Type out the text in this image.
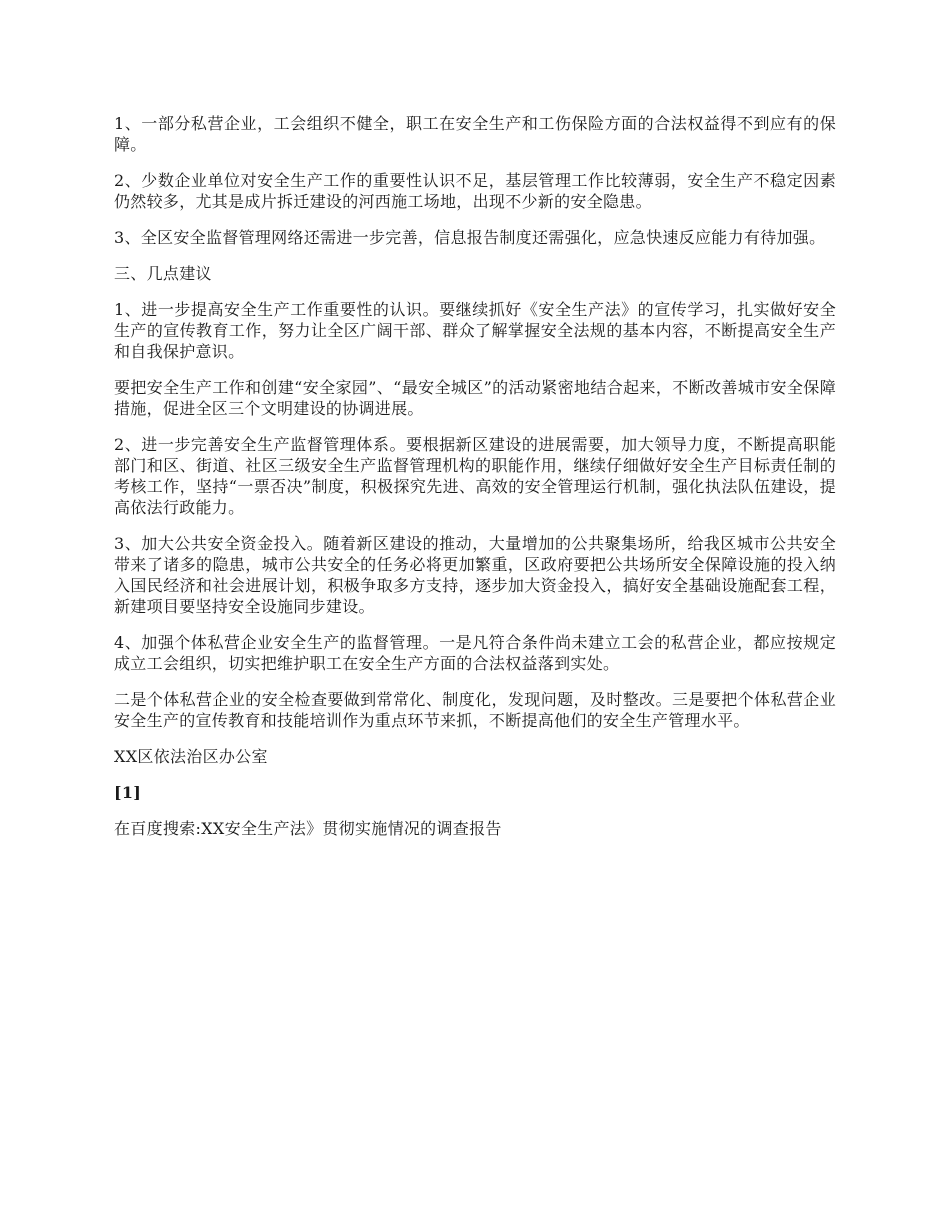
1、一部分私营企业，工会组织不健全，职工在安全生产和工伤保险方面的合法权益得不到应有的保障。

2、少数企业单位对安全生产工作的重要性认识不足，基层管理工作比较薄弱，安全生产不稳定因素仍然较多，尤其是成片拆迁建设的河西施工场地，出现不少新的安全隐患。

3、全区安全监督管理网络还需进一步完善，信息报告制度还需强化，应急快速反应能力有待加强。

三、几点建议

1、进一步提高安全生产工作重要性的认识。要继续抓好《安全生产法》的宣传学习，扎实做好安全生产的宣传教育工作，努力让全区广阔干部、群众了解掌握安全法规的基本内容，不断提高安全生产和自我保护意识。

要把安全生产工作和创建“安全家园”、“最安全城区”的活动紧密地结合起来，不断改善城市安全保障措施，促进全区三个文明建设的协调进展。

2、进一步完善安全生产监督管理体系。要根据新区建设的进展需要，加大领导力度，不断提高职能部门和区、街道、社区三级安全生产监督管理机构的职能作用，继续仔细做好安全生产目标责任制的考核工作，坚持“一票否决”制度，积极探究先进、高效的安全管理运行机制，强化执法队伍建设，提高依法行政能力。

3、加大公共安全资金投入。随着新区建设的推动，大量增加的公共聚集场所，给我区城市公共安全带来了诸多的隐患，城市公共安全的任务必将更加繁重，区政府要把公共场所安全保障设施的投入纳入国民经济和社会进展计划，积极争取多方支持，逐步加大资金投入，搞好安全基础设施配套工程，新建项目要坚持安全设施同步建设。

4、加强个体私营企业安全生产的监督管理。一是凡符合条件尚未建立工会的私营企业，都应按规定成立工会组织，切实把维护职工在安全生产方面的合法权益落到实处。

二是个体私营企业的安全检查要做到常常化、制度化，发现问题，及时整改。三是要把个体私营企业安全生产的宣传教育和技能培训作为重点环节来抓，不断提高他们的安全生产管理水平。

XX区依法治区办公室

[1]

在百度搜索:XX安全生产法》贯彻实施情况的调查报告
